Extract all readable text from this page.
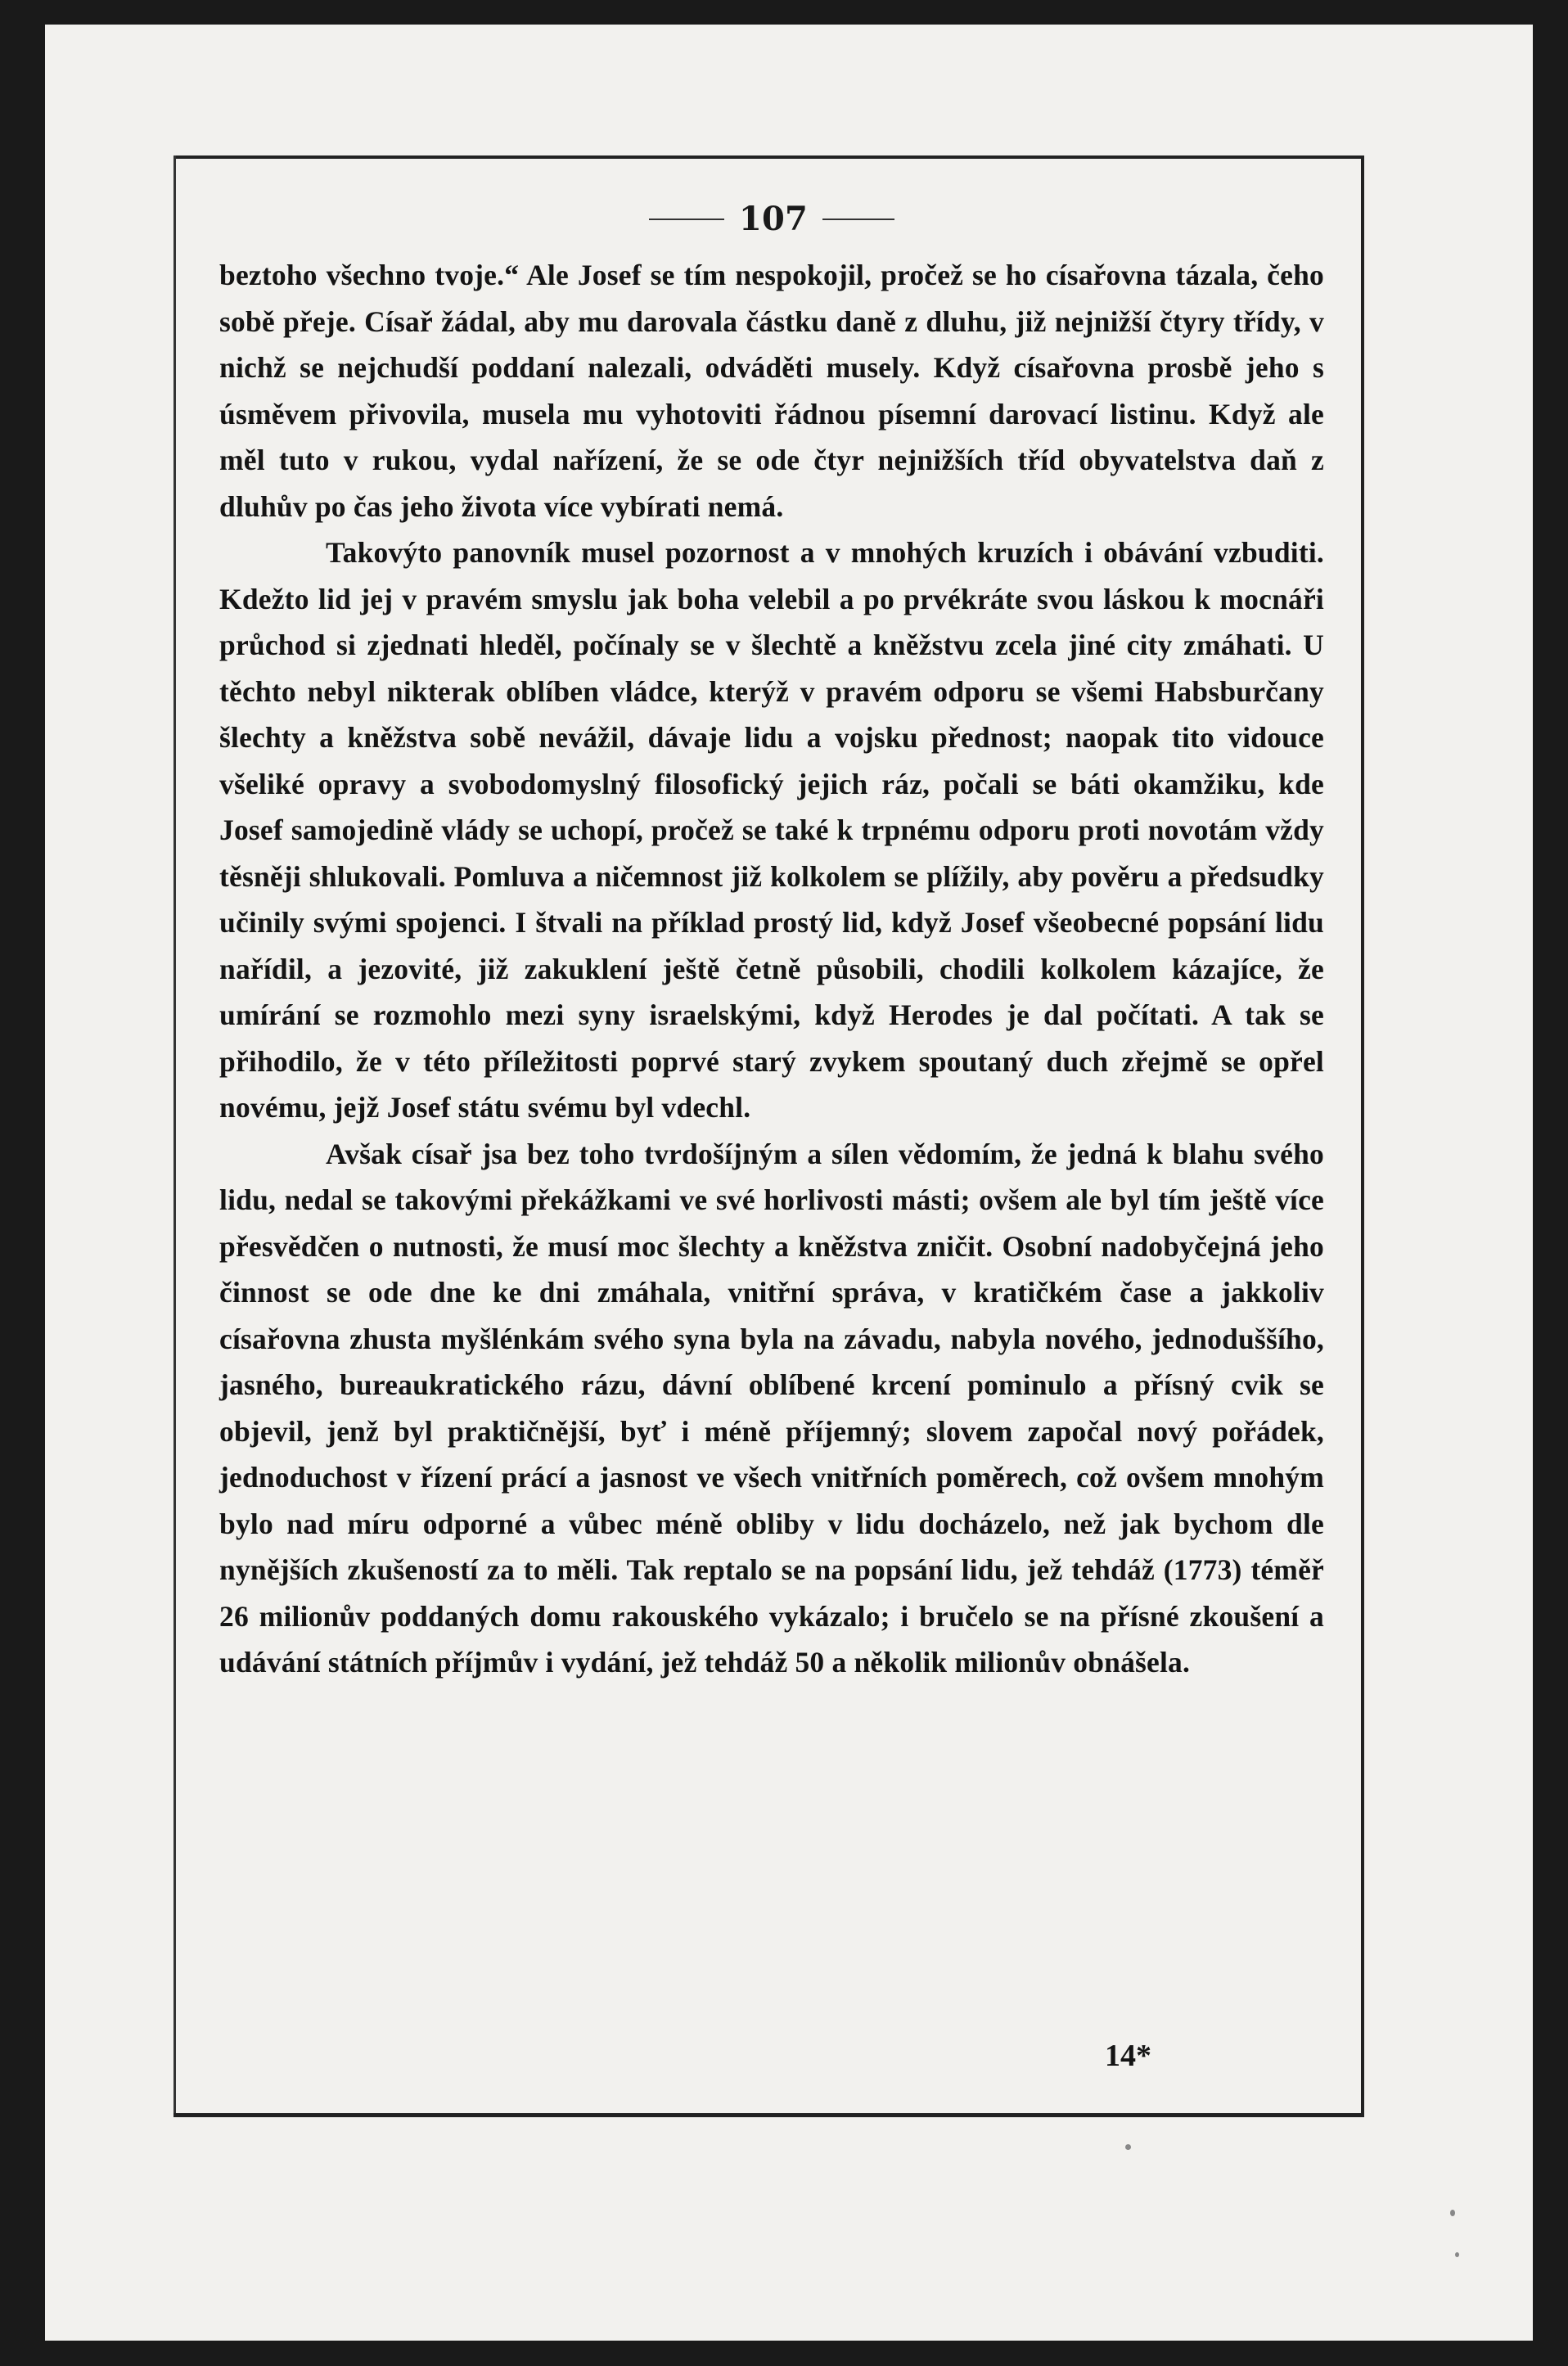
107

beztoho všechno tvoje.“ Ale Josef se tím nespokojil, pročež se ho císařovna tázala, čeho sobě přeje. Císař žádal, aby mu darovala částku daně z dluhu, již nejnižší čtyry třídy, v nichž se nejchudší poddaní nalezali, odváděti musely. Když císařovna prosbě jeho s úsměvem přivovila, musela mu vyhotoviti řádnou písemní darovací listinu. Když ale měl tuto v rukou, vydal nařízení, že se ode čtyr nejnižších tříd obyvatelstva daň z dluhův po čas jeho života více vybírati nemá.

Takovýto panovník musel pozornost a v mnohých kruzích i obávání vzbuditi. Kdežto lid jej v pravém smyslu jak boha velebil a po prvékráte svou láskou k mocnáři průchod si zjednati hleděl, počínaly se v šlechtě a kněžstvu zcela jiné city zmáhati. U těchto nebyl nikterak oblíben vládce, kterýž v pravém odporu se všemi Habsburčany šlechty a kněžstva sobě nevážil, dávaje lidu a vojsku přednost; naopak tito vidouce všeliké opravy a svobodomyslný filosofický jejich ráz, počali se báti okamžiku, kde Josef samojedině vlády se uchopí, pročež se také k trpnému odporu proti novotám vždy těsněji shlukovali. Pomluva a ničemnost již kolkolem se plížily, aby pověru a předsudky učinily svými spojenci. I štvali na příklad prostý lid, když Josef všeobecné popsání lidu nařídil, a jezovité, již zakuklení ještě četně působili, chodili kolkolem kázajíce, že umírání se rozmohlo mezi syny israelskými, když Herodes je dal počítati. A tak se přihodilo, že v této příležitosti poprvé starý zvykem spoutaný duch zřejmě se opřel novému, jejž Josef státu svému byl vdechl.

Avšak císař jsa bez toho tvrdošíjným a sílen vědomím, že jedná k blahu svého lidu, nedal se takovými překážkami ve své horlivosti másti; ovšem ale byl tím ještě více přesvědčen o nutnosti, že musí moc šlechty a kněžstva zničit. Osobní nadobyčejná jeho činnost se ode dne ke dni zmáhala, vnitřní správa, v kratičkém čase a jakkoliv císařovna zhusta myšlénkám svého syna byla na závadu, nabyla nového, jednoduššího, jasného, bureaukratického rázu, dávní oblíbené krcení pominulo a přísný cvik se objevil, jenž byl praktičnější, byť i méně příjemný; slovem započal nový pořádek, jednoduchost v řízení prácí a jasnost ve všech vnitřních poměrech, což ovšem mnohým bylo nad míru odporné a vůbec méně obliby v lidu docházelo, než jak bychom dle nynějších zkušeností za to měli. Tak reptalo se na popsání lidu, jež tehdáž (1773) téměř 26 milionův poddaných domu rakouského vykázalo; i bručelo se na přísné zkoušení a udávání státních příjmův i vydání, jež tehdáž 50 a několik milionův obnášela.

14*
